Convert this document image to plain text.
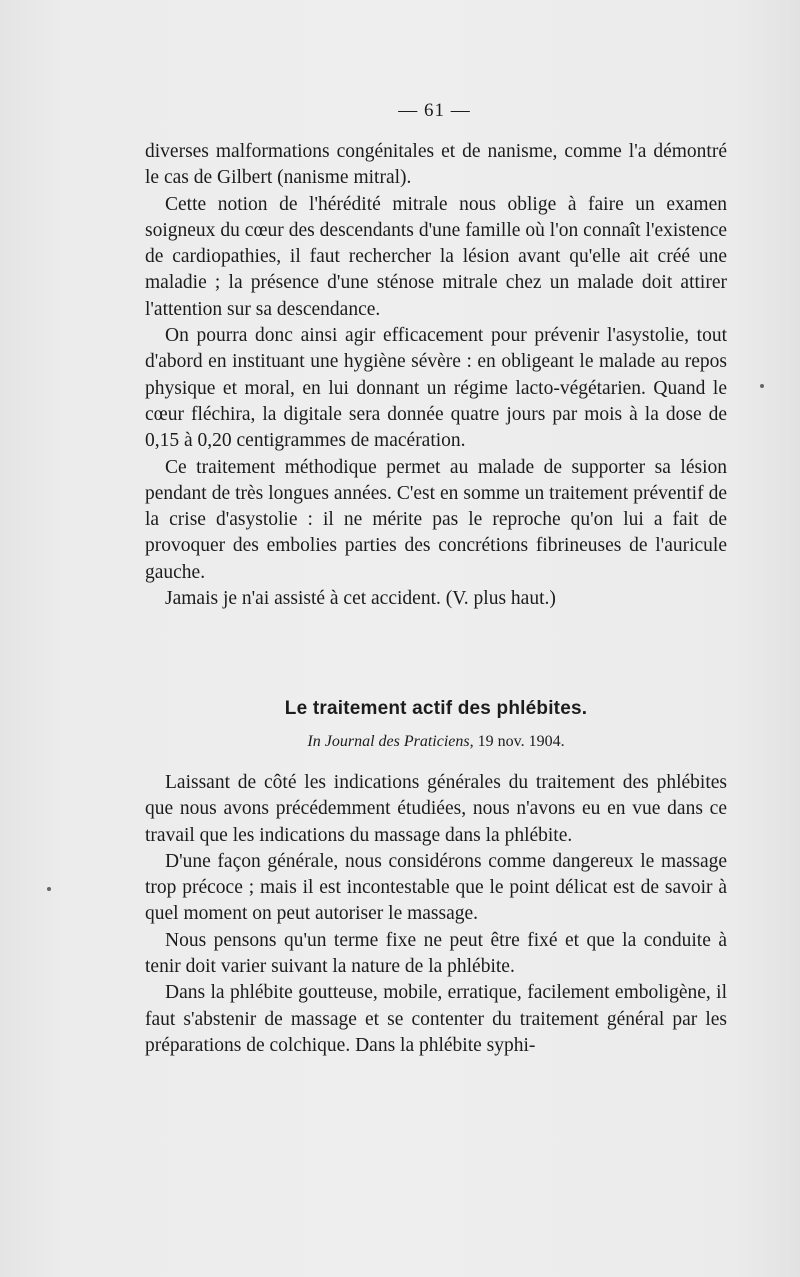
— 61 —

diverses malformations congénitales et de nanisme, comme l'a démontré le cas de Gilbert (nanisme mitral).

Cette notion de l'hérédité mitrale nous oblige à faire un examen soigneux du cœur des descendants d'une famille où l'on connaît l'existence de cardiopathies, il faut rechercher la lésion avant qu'elle ait créé une maladie ; la présence d'une sténose mitrale chez un malade doit attirer l'attention sur sa descendance.

On pourra donc ainsi agir efficacement pour prévenir l'asystolie, tout d'abord en instituant une hygiène sévère : en obligeant le malade au repos physique et moral, en lui donnant un régime lacto-végétarien. Quand le cœur fléchira, la digitale sera donnée quatre jours par mois à la dose de 0,15 à 0,20 centigrammes de macération.

Ce traitement méthodique permet au malade de supporter sa lésion pendant de très longues années. C'est en somme un traitement préventif de la crise d'asystolie : il ne mérite pas le reproche qu'on lui a fait de provoquer des embolies parties des concrétions fibrineuses de l'auricule gauche.

Jamais je n'ai assisté à cet accident. (V. plus haut.)

Le traitement actif des phlébites.
In Journal des Praticiens, 19 nov. 1904.

Laissant de côté les indications générales du traitement des phlébites que nous avons précédemment étudiées, nous n'avons eu en vue dans ce travail que les indications du massage dans la phlébite.

D'une façon générale, nous considérons comme dangereux le massage trop précoce ; mais il est incontestable que le point délicat est de savoir à quel moment on peut autoriser le massage.

Nous pensons qu'un terme fixe ne peut être fixé et que la conduite à tenir doit varier suivant la nature de la phlébite.

Dans la phlébite goutteuse, mobile, erratique, facilement emboligène, il faut s'abstenir de massage et se contenter du traitement général par les préparations de colchique. Dans la phlébite syphi-
